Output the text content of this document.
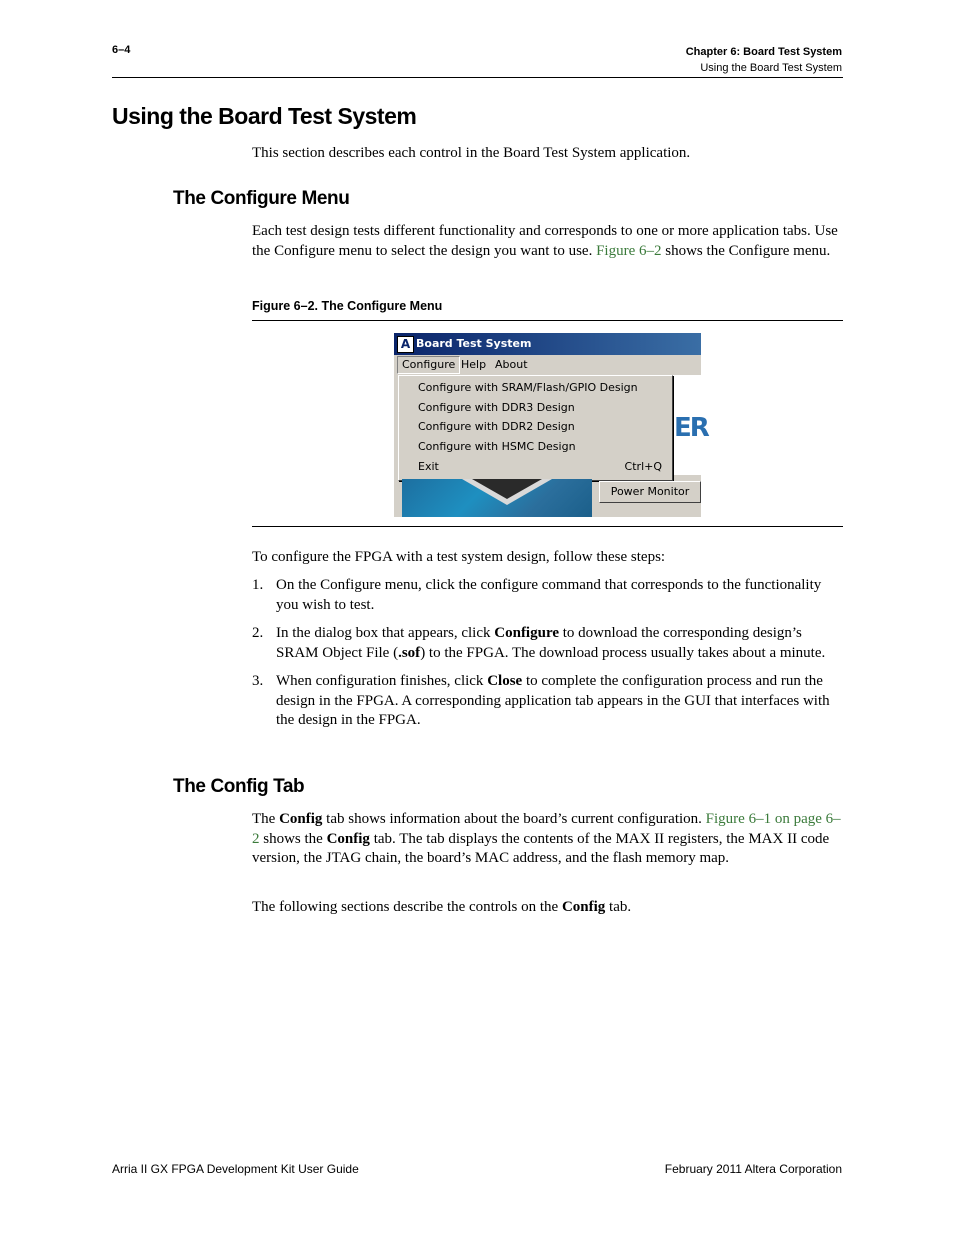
6–4	Chapter 6: Board Test System
Using the Board Test System
Using the Board Test System

This section describes each control in the Board Test System application.

The Configure Menu

Each test design tests different functionality and corresponds to one or more application tabs. Use the Configure menu to select the design you want to use. Figure 6–2 shows the Configure menu.

Figure 6–2. The Configure Menu
A Board Test System
Configure Help About
ER
Configure with SRAM/Flash/GPIO Design
Configure with DDR3 Design
Configure with DDR2 Design
Configure with HSMC Design
Exit	Ctrl+Q
Power Monitor

To configure the FPGA with a test system design, follow these steps:

1. On the Configure menu, click the configure command that corresponds to the functionality you wish to test.
2. In the dialog box that appears, click Configure to download the corresponding design’s SRAM Object File (.sof) to the FPGA. The download process usually takes about a minute.
3. When configuration finishes, click Close to complete the configuration process and run the design in the FPGA. A corresponding application tab appears in the GUI that interfaces with the design in the FPGA.
The Config Tab

The Config tab shows information about the board’s current configuration. Figure 6–1 on page 6–2 shows the Config tab. The tab displays the contents of the MAX II registers, the MAX II code version, the JTAG chain, the board’s MAC address, and the flash memory map.

The following sections describe the controls on the Config tab.

Arria II GX FPGA Development Kit User Guide	February 2011 Altera Corporation
